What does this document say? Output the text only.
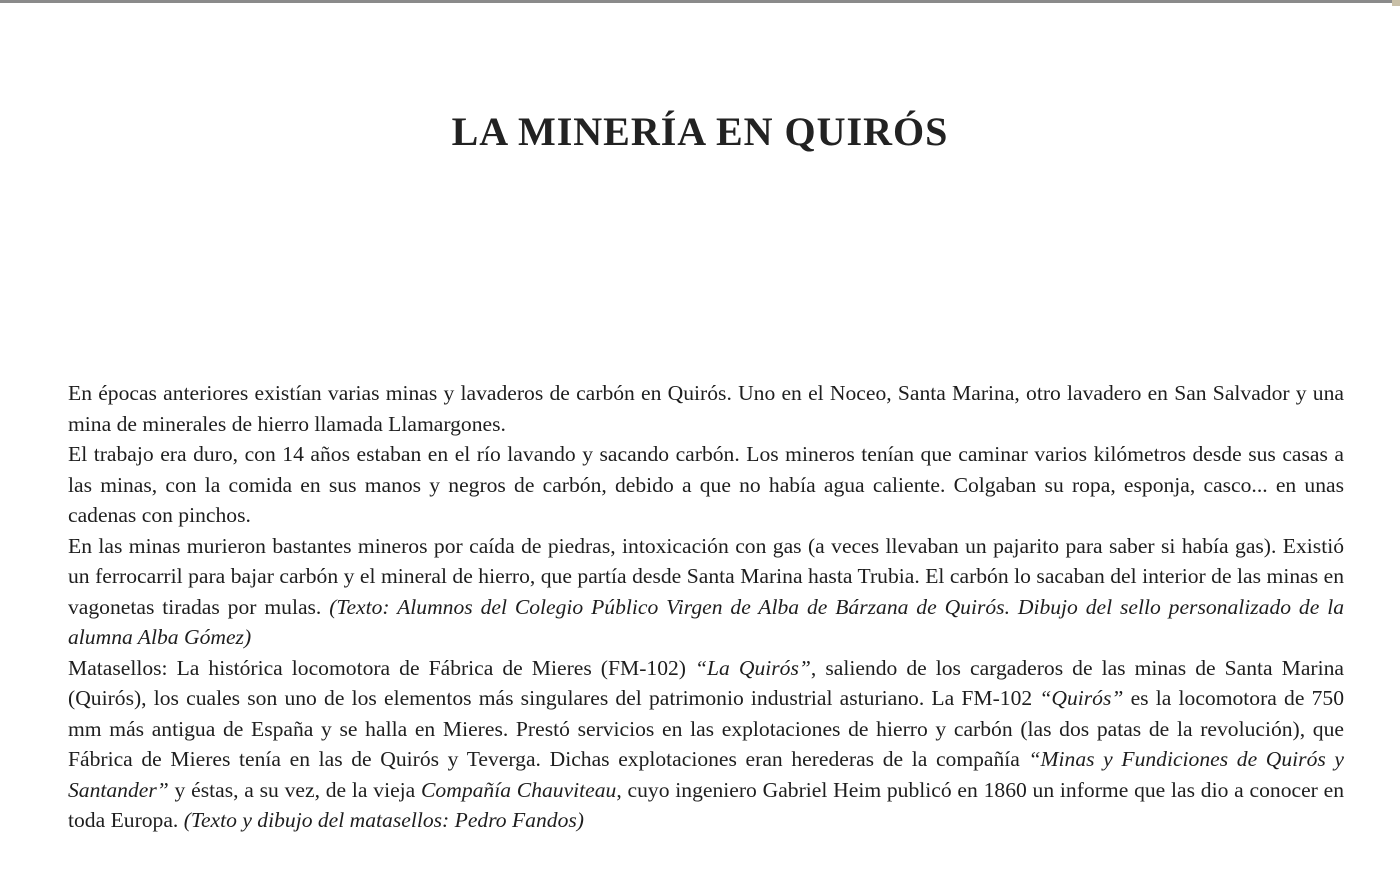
LA MINERÍA EN QUIRÓS

En épocas anteriores existían varias minas y lavaderos de carbón en Quirós. Uno en el Noceo, Santa Marina, otro lavadero en San Salvador y una mina de minerales de hierro llamada Llamargones.

El trabajo era duro, con 14 años estaban en el río lavando y sacando carbón. Los mineros tenían que caminar varios kilómetros desde sus casas a las minas, con la comida en sus manos y negros de carbón, debido a que no había agua caliente. Colgaban su ropa, esponja, casco... en unas cadenas con pinchos.

En las minas murieron bastantes mineros por caída de piedras, intoxicación con gas (a veces llevaban un pajarito para saber si había gas). Existió un ferrocarril para bajar carbón y el mineral de hierro, que partía desde Santa Marina hasta Trubia. El carbón lo sacaban del interior de las minas en vagonetas tiradas por mulas. (Texto: Alumnos del Colegio Público Virgen de Alba de Bárzana de Quirós. Dibujo del sello personalizado de la alumna Alba Gómez)

Matasellos: La histórica locomotora de Fábrica de Mieres (FM-102) “La Quirós”, saliendo de los cargaderos de las minas de Santa Marina (Quirós), los cuales son uno de los elementos más singulares del patrimonio industrial asturiano. La FM-102 “Quirós” es la locomotora de 750 mm más antigua de España y se halla en Mieres. Prestó servicios en las explotaciones de hierro y carbón (las dos patas de la revolución), que Fábrica de Mieres tenía en las de Quirós y Teverga. Dichas explotaciones eran herederas de la compañía “Minas y Fundiciones de Quirós y Santander” y éstas, a su vez, de la vieja Compañía Chauviteau, cuyo ingeniero Gabriel Heim publicó en 1860 un informe que las dio a conocer en toda Europa. (Texto y dibujo del matasellos: Pedro Fandos)
